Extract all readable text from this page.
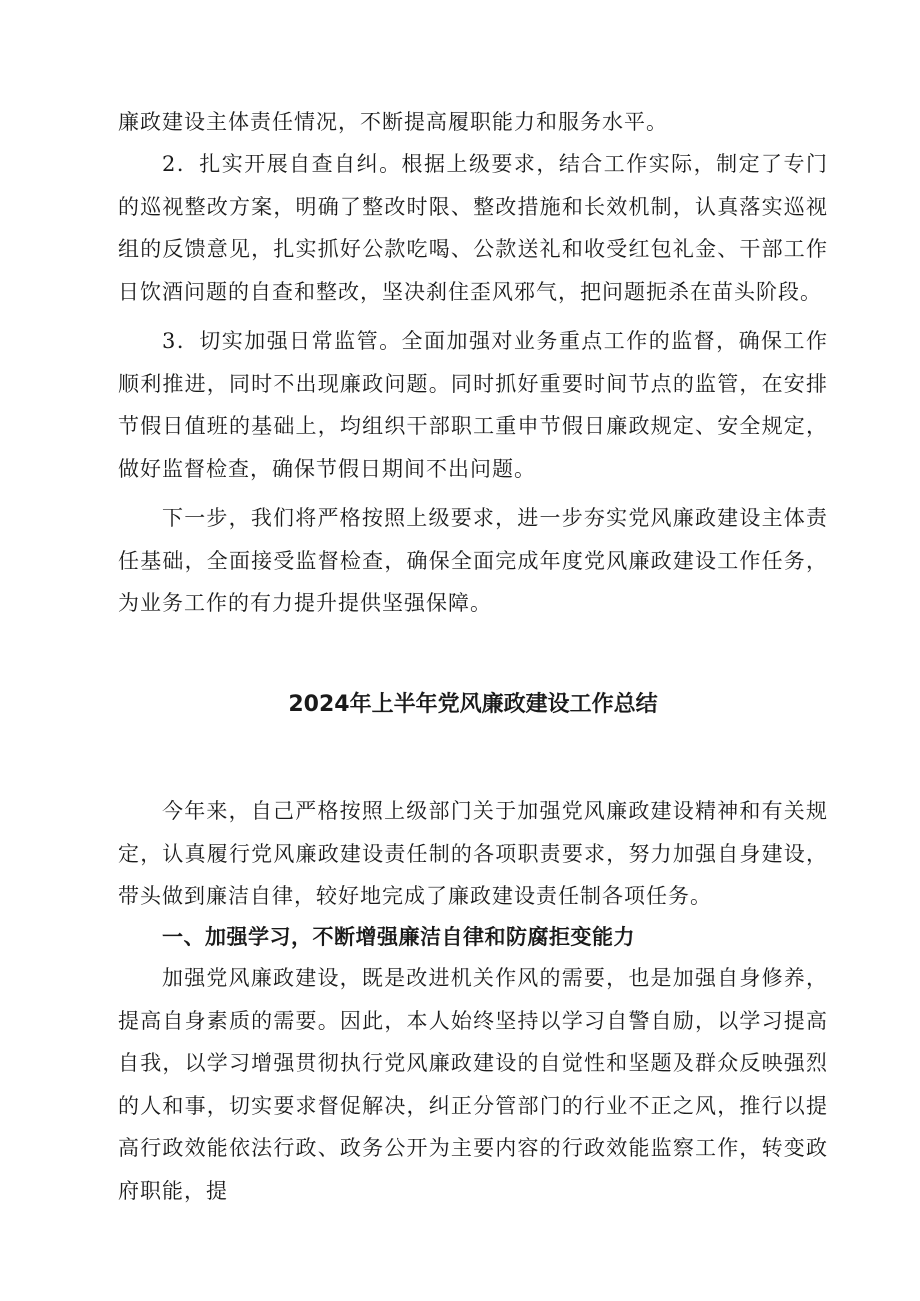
廉政建设主体责任情况，不断提高履职能力和服务水平。

2．扎实开展自查自纠。根据上级要求，结合工作实际，制定了专门的巡视整改方案，明确了整改时限、整改措施和长效机制，认真落实巡视组的反馈意见，扎实抓好公款吃喝、公款送礼和收受红包礼金、干部工作日饮酒问题的自查和整改，坚决刹住歪风邪气，把问题扼杀在苗头阶段。

3．切实加强日常监管。全面加强对业务重点工作的监督，确保工作顺利推进，同时不出现廉政问题。同时抓好重要时间节点的监管，在安排节假日值班的基础上，均组织干部职工重申节假日廉政规定、安全规定，做好监督检查，确保节假日期间不出问题。

下一步，我们将严格按照上级要求，进一步夯实党风廉政建设主体责任基础，全面接受监督检查，确保全面完成年度党风廉政建设工作任务，为业务工作的有力提升提供坚强保障。

2024年上半年党风廉政建设工作总结

今年来，自己严格按照上级部门关于加强党风廉政建设精神和有关规定，认真履行党风廉政建设责任制的各项职责要求，努力加强自身建设，带头做到廉洁自律，较好地完成了廉政建设责任制各项任务。

一、加强学习，不断增强廉洁自律和防腐拒变能力

加强党风廉政建设，既是改进机关作风的需要，也是加强自身修养，提高自身素质的需要。因此，本人始终坚持以学习自警自励，以学习提高自我，以学习增强贯彻执行党风廉政建设的自觉性和坚题及群众反映强烈的人和事，切实要求督促解决，纠正分管部门的行业不正之风，推行以提高行政效能依法行政、政务公开为主要内容的行政效能监察工作，转变政府职能，提
